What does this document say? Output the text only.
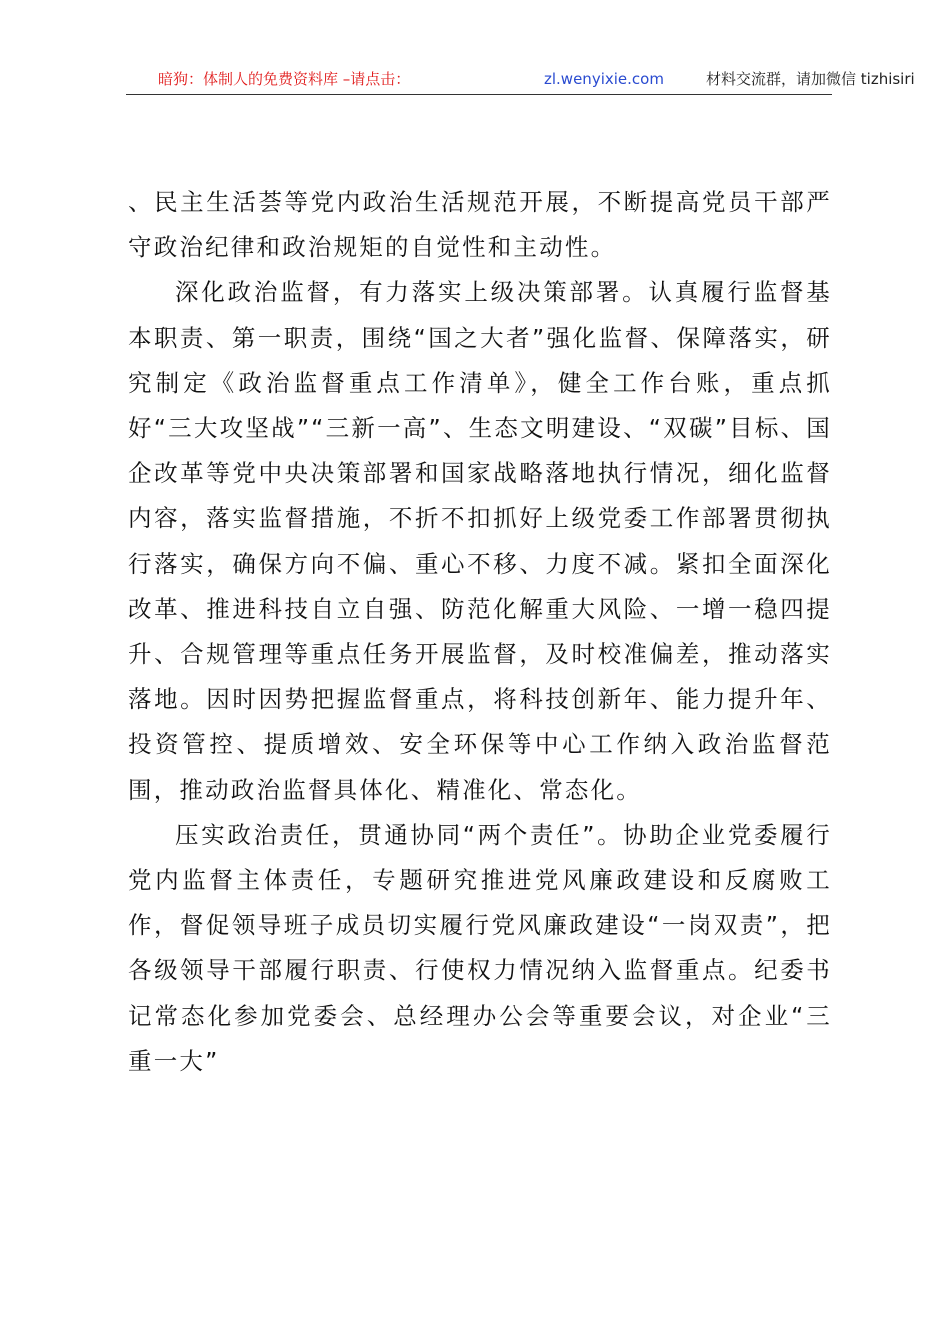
暗狗：体制人的免费资料库 –请点击：	zl.wenyixie.com	材料交流群，请加微信 tizhisiri

、民主生活荟等党内政治生活规范开展，不断提高党员干部严守政治纪律和政治规矩的自觉性和主动性。

深化政治监督，有力落实上级决策部署。认真履行监督基本职责、第一职责，围绕“国之大者”强化监督、保障落实，研究制定《政治监督重点工作清单》，健全工作台账，重点抓好“三大攻坚战”“三新一高”、生态文明建设、“双碳”目标、国企改革等党中央决策部署和国家战略落地执行情况，细化监督内容，落实监督措施，不折不扣抓好上级党委工作部署贯彻执行落实，确保方向不偏、重心不移、力度不减。紧扣全面深化改革、推进科技自立自强、防范化解重大风险、一增一稳四提升、合规管理等重点任务开展监督，及时校准偏差，推动落实落地。因时因势把握监督重点，将科技创新年、能力提升年、投资管控、提质增效、安全环保等中心工作纳入政治监督范围，推动政治监督具体化、精准化、常态化。

压实政治责任，贯通协同“两个责任”。协助企业党委履行党内监督主体责任，专题研究推进党风廉政建设和反腐败工作，督促领导班子成员切实履行党风廉政建设“一岗双责”，把各级领导干部履行职责、行使权力情况纳入监督重点。纪委书记常态化参加党委会、总经理办公会等重要会议，对企业“三重一大”
